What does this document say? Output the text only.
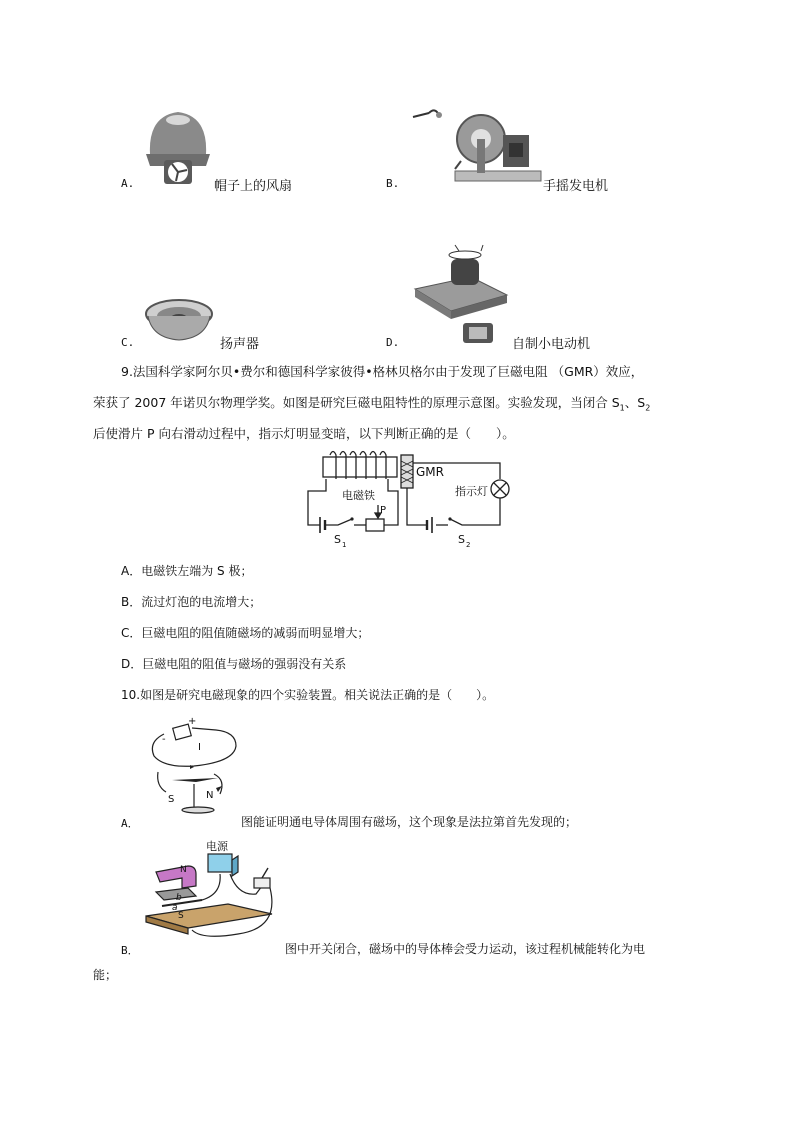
A.	帽子上的风扇	B.	手摇发电机
C.	扬声器	D.	自制小电动机
9.法国科学家阿尔贝•费尔和德国科学家彼得•格林贝格尔由于发现了巨磁电阻 （GMR）效应，
荣获了 2007 年诺贝尔物理学奖。如图是研究巨磁电阻特性的原理示意图。实验发现，当闭合 $S_1$、$S_2$
后使滑片 P 向右滑动过程中，指示灯明显变暗，以下判断正确的是（　　）。
GMR
电磁铁	指示灯
P
S 1	S 2
A．电磁铁左端为 S 极；
B．流过灯泡的电流增大；
C．巨磁电阻的阻值随磁场的减弱而明显增大；
D．巨磁电阻的阻值与磁场的强弱没有关系
10.如图是研究电磁现象的四个实验装置。相关说法正确的是（　　）。
+
-
I
S	N
A．	图能证明通电导体周围有磁场，这个现象是法拉第首先发现的；
电源
N
S
a
b
B．	图中开关闭合，磁场中的导体棒会受力运动，该过程机械能转化为电
能；
